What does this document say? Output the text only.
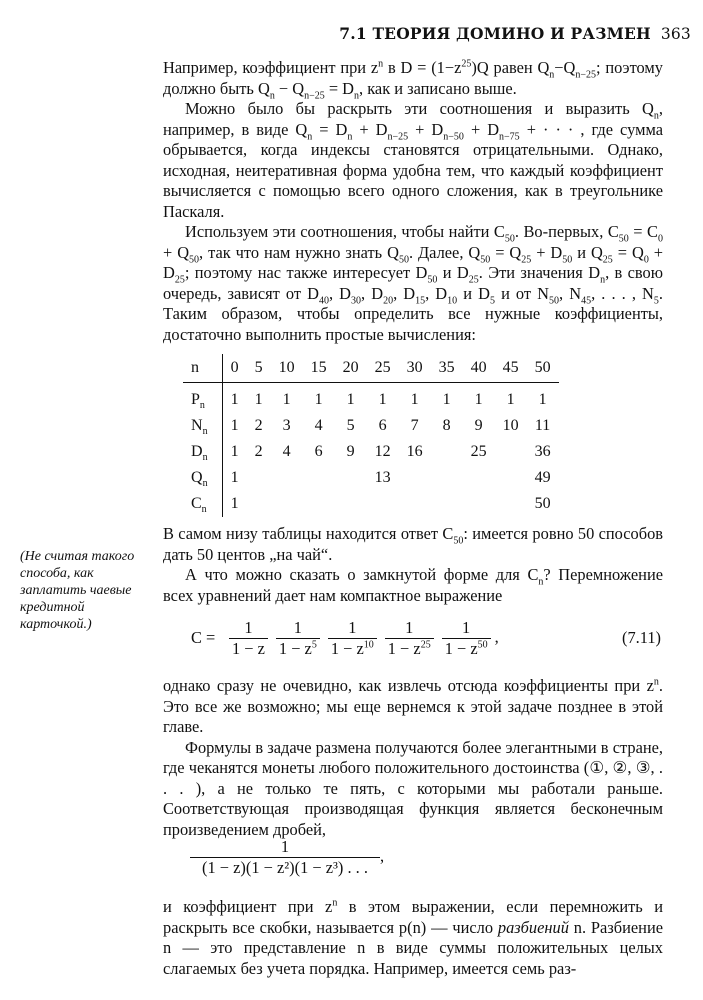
7.1 ТЕОРИЯ ДОМИНО И РАЗМЕН 363

Например, коэффициент при $z^n$ в $D = (1-z^{25})Q$ равен $Q_n-Q_{n-25}$; поэтому должно быть $Q_n - Q_{n-25} = D_n$, как и записано выше.

Можно было бы раскрыть эти соотношения и выразить $Q_n$, например, в виде $Q_n = D_n + D_{n-25} + D_{n-50} + D_{n-75}$ + · · · , где сумма обрывается, когда индексы становятся отрицательными. Однако, исходная, неитеративная форма удобна тем, что каждый коэффициент вычисляется с помощью всего одного сложения, как в треугольнике Паскаля.

Используем эти соотношения, чтобы найти $C_{50}$. Во-первых, $C_{50} = C_0 + Q_{50}$, так что нам нужно знать $Q_{50}$. Далее, $Q_{50} = Q_{25} + D_{50}$ и $Q_{25} = Q_0 + D_{25}$; поэтому нас также интересует $D_{50}$ и $D_{25}$. Эти значения $D_n$, в свою очередь, зависят от $D_{40}$, $D_{30}$, $D_{20}$, $D_{15}$, $D_{10}$ и $D_5$ и от $N_{50}$, $N_{45}$, . . . , $N_5$. Таким образом, чтобы определить все нужные коэффициенты, достаточно выполнить простые вычисления:

n	0	5	10	15	20	25	30	35	40	45	50
$P_n$	1	1	1	1	1	1	1	1	1	1	1
$N_n$	1	2	3	4	5	6	7	8	9	10	11
$D_n$	1	2	4	6	9	12	16		25		36
$Q_n$	1					13					49
$C_n$	1										50

В самом низу таблицы находится ответ $C_{50}$: имеется ровно 50 способов дать 50 центов „на чай“.

А что можно сказать о замкнутой форме для $C_n$? Перемножение всех уравнений дает нам компактное выражение

(Не считая такого способа, как заплатить чаевые кредитной карточкой.)
$C = \frac{1}{1 - z} \frac{1}{1 - z^5} \frac{1}{1 - z^{10}} \frac{1}{1 - z^{25}} \frac{1}{1 - z^{50}}$ ,	(7.11)

однако сразу не очевидно, как извлечь отсюда коэффициенты при $z^n$. Это все же возможно; мы еще вернемся к этой задаче позднее в этой главе.

Формулы в задаче размена получаются более элегантными в стране, где чеканятся монеты любого положительного достоинства (①, ②, ③, . . . ), а не только те пять, с которыми мы работали раньше. Соответствующая производящая функция является бесконечным произведением дробей,

$\frac{1}{\text{(1 − z)(1 − z²)(1 − z³) . . .}}$ ,

и коэффициент при $z^n$ в этом выражении, если перемножить и раскрыть все скобки, называется p(n) — число разбиений n. Разбиение n — это представление n в виде суммы положительных целых слагаемых без учета порядка. Например, имеется семь раз-
